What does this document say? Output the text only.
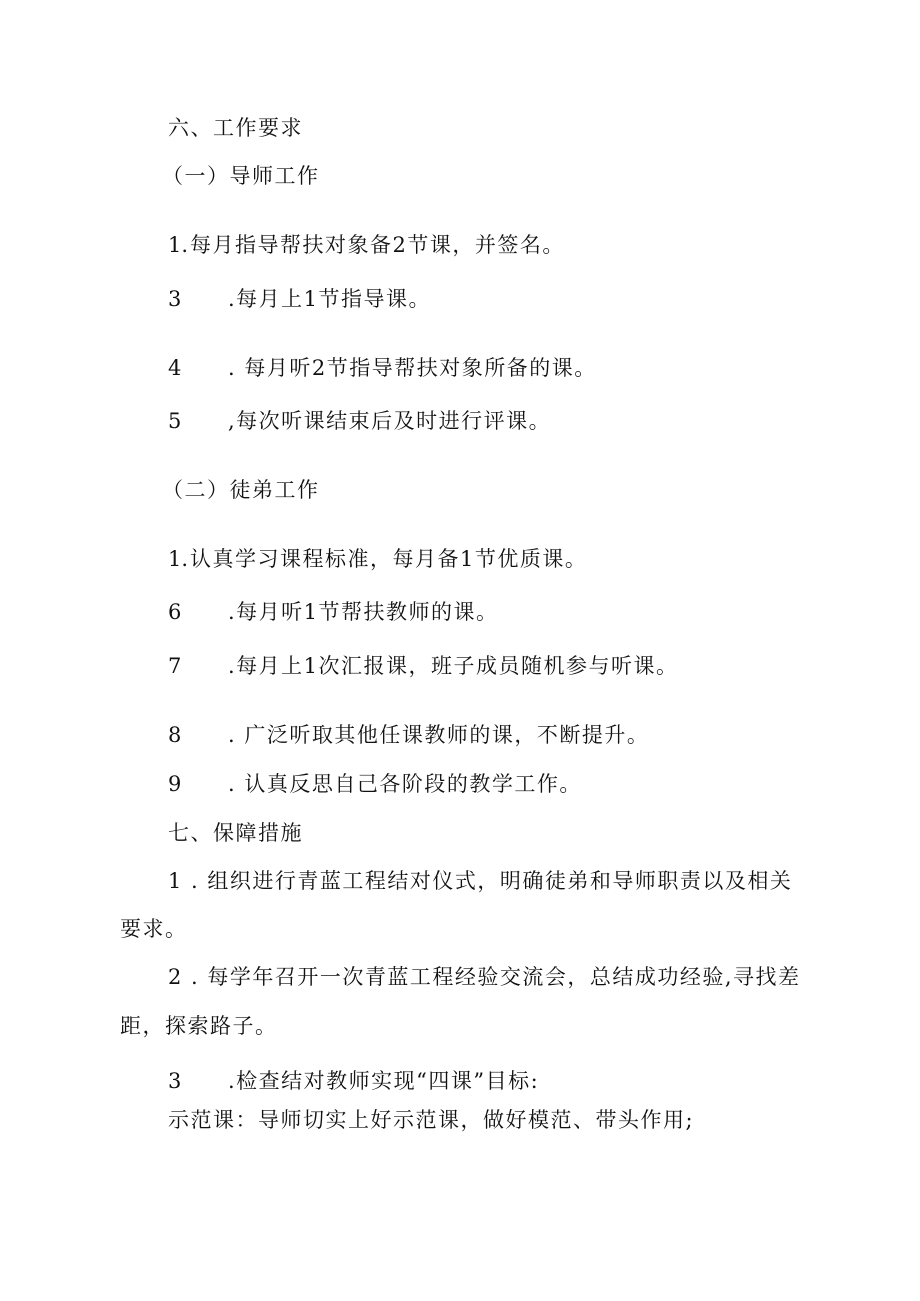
六、工作要求
（一）导师工作
1. 每月指导帮扶对象备2节课，并签名。
3 .每月上1节指导课。
4 . 每月听2节指导帮扶对象所备的课。
5 ,每次听课结束后及时进行评课。
（二）徒弟工作
1. 认真学习课程标准，每月备1节优质课。
6 .每月听1节帮扶教师的课。
7 .每月上1次汇报课，班子成员随机参与听课。
8 . 广泛听取其他任课教师的课，不断提升。
9 . 认真反思自己各阶段的教学工作。
七、保障措施
1 . 组织进行青蓝工程结对仪式，明确徒弟和导师职责以及相关
要求。
2 . 每学年召开一次青蓝工程经验交流会，总结成功经验,寻找差
距，探索路子。
3 .检查结对教师实现“四课”目标:
示范课：导师切实上好示范课，做好模范、带头作用;
